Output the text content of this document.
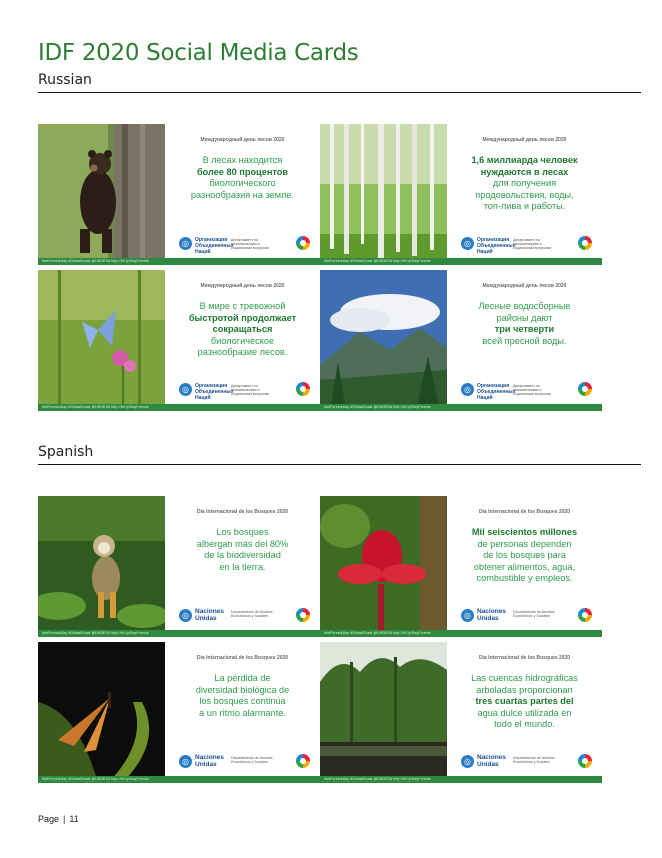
IDF 2020 Social Media Cards
Russian
Международный день лесов 2020
В лесах находится
более 80 процентов
биологического
разнообразия на земле.
◎	Организация Объединенных Наций
Департамент по экономическим и социальным вопросам
#IntForestsDay #GlobalGoals @UNDESA http://bit.ly/DayForests
Международный день лесов 2020
1,6 миллиарда человек
нуждаются в лесах
для получения
продовольствия, воды,
топ-лива и работы.
◎	Организация Объединенных Наций
Департамент по экономическим и социальным вопросам
#IntForestsDay #GlobalGoals @UNDESA http://bit.ly/DayForests
Международный день лесов 2020
В мире с тревожной
быстротой продолжает
сокращаться
биологическое
разнообразие лесов.
◎	Организация Объединенных Наций
Департамент по экономическим и социальным вопросам
#IntForestsDay #GlobalGoals @UNDESA http://bit.ly/DayForests
Международный день лесов 2020
Лесные водосборные
районы дают
три четверти
всей пресной воды.
◎	Организация Объединенных Наций
Департамент по экономическим и социальным вопросам
#IntForestsDay #GlobalGoals @UNDESA http://bit.ly/DayForests
Spanish
Día Internacional de los Bosques 2020
Los bosques
albergan más del 80%
de la biodiversidad
en la tierra.
◎ Naciones Unidas
Departamento de Asuntos Económicos y Sociales
#IntForestsDay #GlobalGoals @UNDESA http://bit.ly/DayForests
Día Internacional de los Bosques 2020
Mil seiscientos millones
de personas dependen
de los bosques para
obtener alimentos, agua,
combustible y empleos.
◎ Naciones Unidas
Departamento de Asuntos Económicos y Sociales
#IntForestsDay #GlobalGoals @UNDESA http://bit.ly/DayForests
Día Internacional de los Bosques 2020
La pérdida de
diversidad biológica de
los bosques continúa
a un ritmo alarmante.
◎ Naciones Unidas
Departamento de Asuntos Económicos y Sociales
#IntForestsDay #GlobalGoals @UNDESA http://bit.ly/DayForests
Día Internacional de los Bosques 2020
Las cuencas hidrográficas
arboladas proporcionan
tres cuartas partes del
agua dulce utilizada en
todo el mundo.
◎ Naciones Unidas
Departamento de Asuntos Económicos y Sociales
#IntForestsDay #GlobalGoals @UNDESA http://bit.ly/DayForests
Page | 11
